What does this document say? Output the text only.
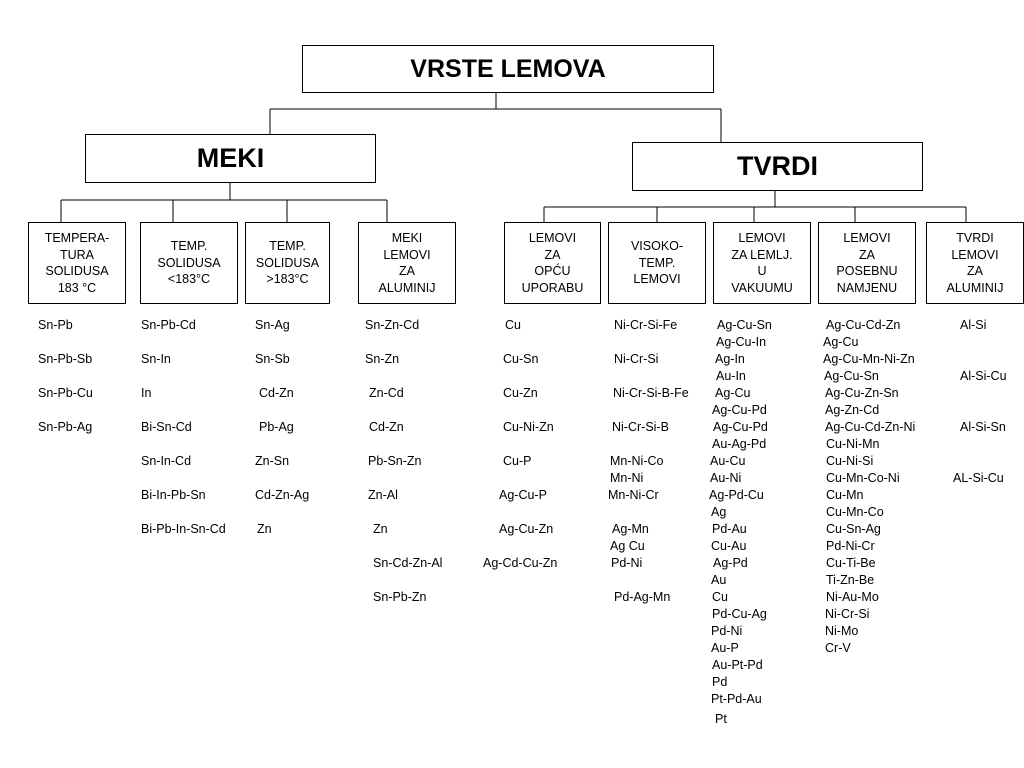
VRSTE LEMOVA
MEKI	TVRDI
TEMPERA-
TURA
SOLIDUSA
183 °C
TEMP.
SOLIDUSA
<183°C
TEMP.
SOLIDUSA
>183°C
MEKI
LEMOVI
ZA
ALUMINIJ
LEMOVI
ZA
OPĆU
UPORABU
VISOKO-
TEMP.
LEMOVI
LEMOVI
ZA LEMLJ.
U
VAKUUMU
LEMOVI
ZA
POSEBNU
NAMJENU
TVRDI
LEMOVI
ZA
ALUMINIJ
Sn-Pb
Sn-Pb-Sb
Sn-Pb-Cu
Sn-Pb-Ag
Sn-Pb-Cd
Sn-In
In
Bi-Sn-Cd
Sn-In-Cd
Bi-In-Pb-Sn
Bi-Pb-In-Sn-Cd
Sn-Ag
Sn-Sb
Cd-Zn
Pb-Ag
Zn-Sn
Cd-Zn-Ag
Zn
Sn-Zn-Cd
Sn-Zn
Zn-Cd
Cd-Zn
Pb-Sn-Zn
Zn-Al
Zn
Sn-Cd-Zn-Al
Sn-Pb-Zn
Cu
Cu-Sn
Cu-Zn
Cu-Ni-Zn
Cu-P
Ag-Cu-P
Ag-Cu-Zn
Ag-Cd-Cu-Zn
Ni-Cr-Si-Fe
Ni-Cr-Si
Ni-Cr-Si-B-Fe
Ni-Cr-Si-B
Mn-Ni-Co
Mn-Ni
Mn-Ni-Cr
Ag-Mn
Ag Cu
Pd-Ni
Pd-Ag-Mn
Ag-Cu-Sn
Ag-Cu-In
Ag-In
Au-In
Ag-Cu
Ag-Cu-Pd
Ag-Cu-Pd
Au-Ag-Pd
Au-Cu
Au-Ni
Ag-Pd-Cu
Ag
Pd-Au
Cu-Au
Ag-Pd
Au
Cu
Pd-Cu-Ag
Pd-Ni
Au-P
Au-Pt-Pd
Pd
Pt-Pd-Au
Pt
Ag-Cu-Cd-Zn
Ag-Cu
Ag-Cu-Mn-Ni-Zn
Ag-Cu-Sn
Ag-Cu-Zn-Sn
Ag-Zn-Cd
Ag-Cu-Cd-Zn-Ni
Cu-Ni-Mn
Cu-Ni-Si
Cu-Mn-Co-Ni
Cu-Mn
Cu-Mn-Co
Cu-Sn-Ag
Pd-Ni-Cr
Cu-Ti-Be
Ti-Zn-Be
Ni-Au-Mo
Ni-Cr-Si
Ni-Mo
Cr-V
Al-Si
Al-Si-Cu
Al-Si-Sn
AL-Si-Cu
